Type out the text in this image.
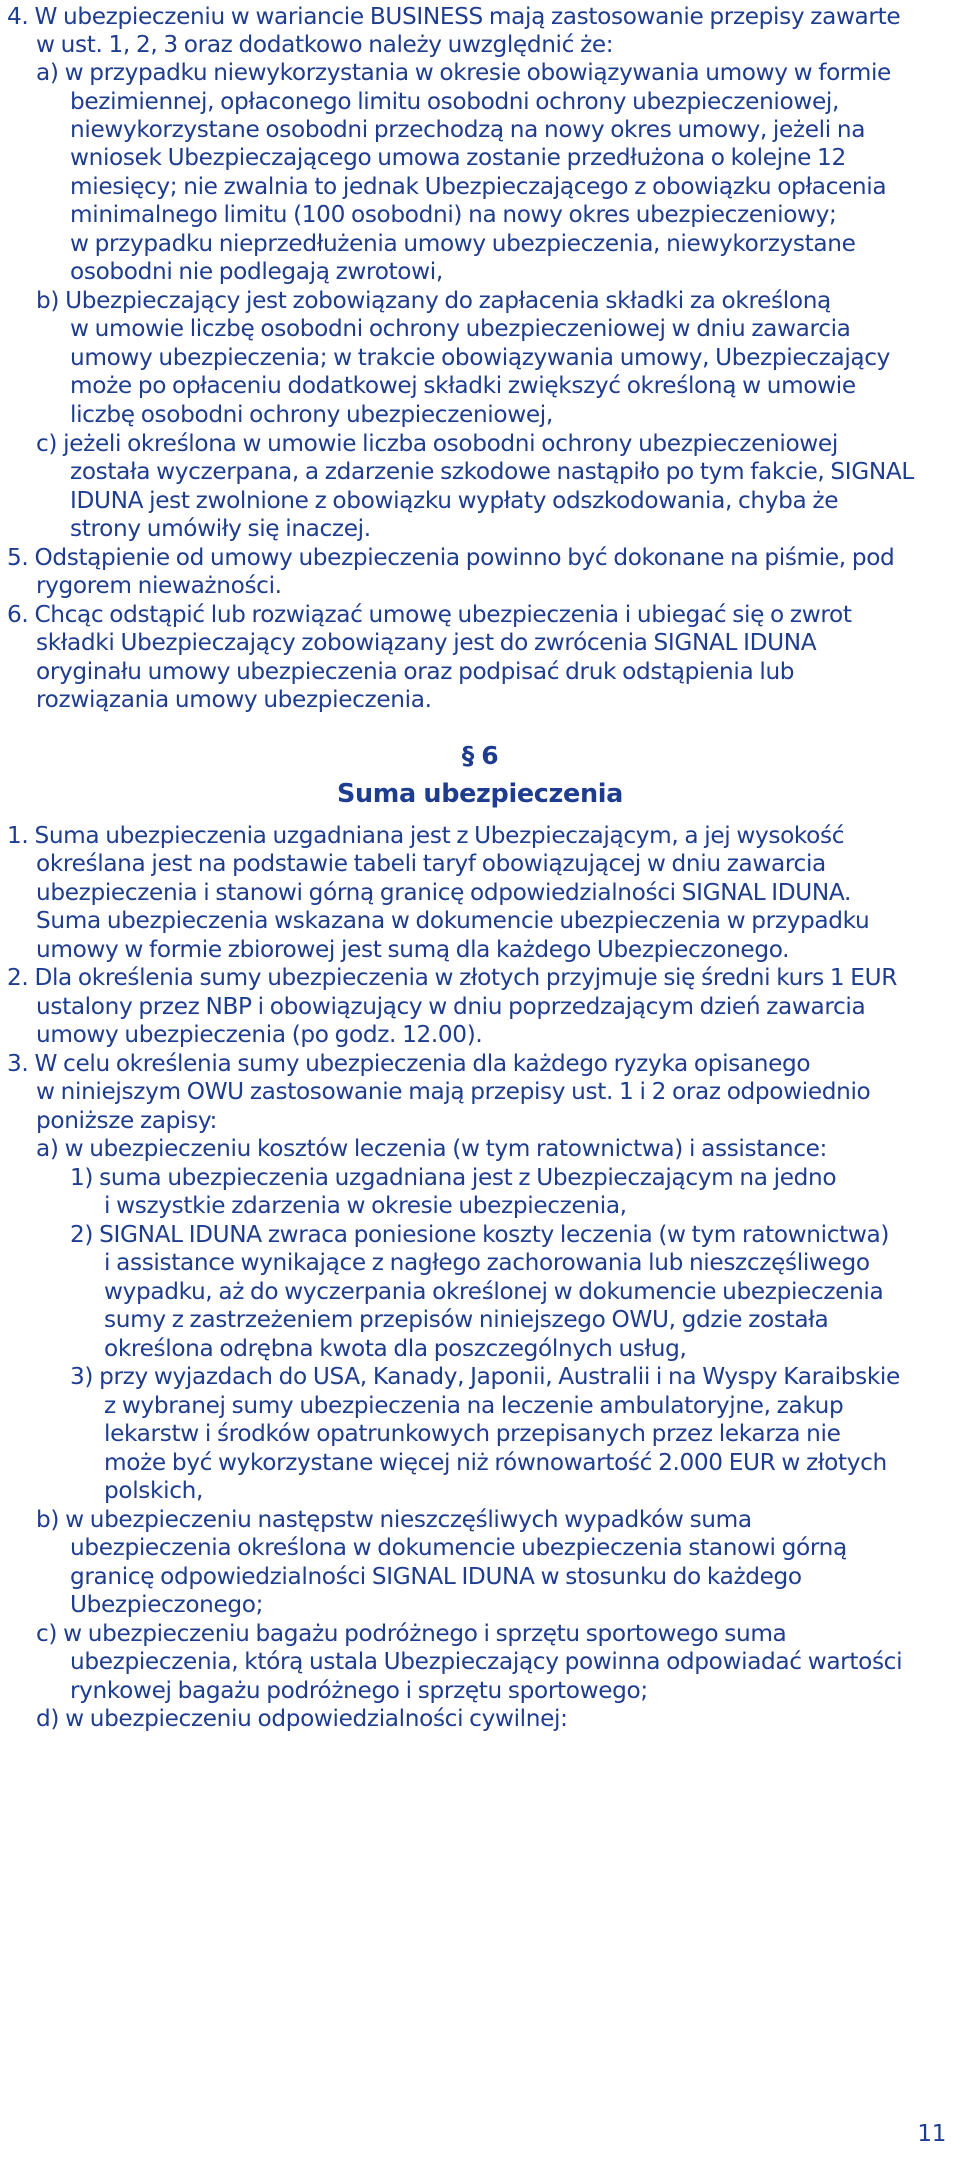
4. W ubezpieczeniu w wariancie BUSINESS mają zastosowanie przepisy zawarte
w ust. 1, 2, 3 oraz dodatkowo należy uwzględnić że:
a) w przypadku niewykorzystania w okresie obowiązywania umowy w formie
bezimiennej, opłaconego limitu osobodni ochrony ubezpieczeniowej,
niewykorzystane osobodni przechodzą na nowy okres umowy, jeżeli na
wniosek Ubezpieczającego umowa zostanie przedłużona o kolejne 12
miesięcy; nie zwalnia to jednak Ubezpieczającego z obowiązku opłacenia
minimalnego limitu (100 osobodni) na nowy okres ubezpieczeniowy;
w przypadku nieprzedłużenia umowy ubezpieczenia, niewykorzystane
osobodni nie podlegają zwrotowi,
b) Ubezpieczający jest zobowiązany do zapłacenia składki za określoną
w umowie liczbę osobodni ochrony ubezpieczeniowej w dniu zawarcia
umowy ubezpieczenia; w trakcie obowiązywania umowy, Ubezpieczający
może po opłaceniu dodatkowej składki zwiększyć określoną w umowie
liczbę osobodni ochrony ubezpieczeniowej,
c) jeżeli określona w umowie liczba osobodni ochrony ubezpieczeniowej
została wyczerpana, a zdarzenie szkodowe nastąpiło po tym fakcie, SIGNAL
IDUNA jest zwolnione z obowiązku wypłaty odszkodowania, chyba że
strony umówiły się inaczej.
5. Odstąpienie od umowy ubezpieczenia powinno być dokonane na piśmie, pod
rygorem nieważności.
6. Chcąc odstąpić lub rozwiązać umowę ubezpieczenia i ubiegać się o zwrot
składki Ubezpieczający zobowiązany jest do zwrócenia SIGNAL IDUNA
oryginału umowy ubezpieczenia oraz podpisać druk odstąpienia lub
rozwiązania umowy ubezpieczenia.
§ 6
Suma ubezpieczenia
1. Suma ubezpieczenia uzgadniana jest z Ubezpieczającym, a jej wysokość
określana jest na podstawie tabeli taryf obowiązującej w dniu zawarcia
ubezpieczenia i stanowi górną granicę odpowiedzialności SIGNAL IDUNA.
Suma ubezpieczenia wskazana w dokumencie ubezpieczenia w przypadku
umowy w formie zbiorowej jest sumą dla każdego Ubezpieczonego.
2. Dla określenia sumy ubezpieczenia w złotych przyjmuje się średni kurs 1 EUR
ustalony przez NBP i obowiązujący w dniu poprzedzającym dzień zawarcia
umowy ubezpieczenia (po godz. 12.00).
3. W celu określenia sumy ubezpieczenia dla każdego ryzyka opisanego
w niniejszym OWU zastosowanie mają przepisy ust. 1 i 2 oraz odpowiednio
poniższe zapisy:
a) w ubezpieczeniu kosztów leczenia (w tym ratownictwa) i assistance:
1) suma ubezpieczenia uzgadniana jest z Ubezpieczającym na jedno
i wszystkie zdarzenia w okresie ubezpieczenia,
2) SIGNAL IDUNA zwraca poniesione koszty leczenia (w tym ratownictwa)
i assistance wynikające z nagłego zachorowania lub nieszczęśliwego
wypadku, aż do wyczerpania określonej w dokumencie ubezpieczenia
sumy z zastrzeżeniem przepisów niniejszego OWU, gdzie została
określona odrębna kwota dla poszczególnych usług,
3) przy wyjazdach do USA, Kanady, Japonii, Australii i na Wyspy Karaibskie
z wybranej sumy ubezpieczenia na leczenie ambulatoryjne, zakup
lekarstw i środków opatrunkowych przepisanych przez lekarza nie
może być wykorzystane więcej niż równowartość 2.000 EUR w złotych
polskich,
b) w ubezpieczeniu następstw nieszczęśliwych wypadków suma
ubezpieczenia określona w dokumencie ubezpieczenia stanowi górną
granicę odpowiedzialności SIGNAL IDUNA w stosunku do każdego
Ubezpieczonego;
c) w ubezpieczeniu bagażu podróżnego i sprzętu sportowego suma
ubezpieczenia, którą ustala Ubezpieczający powinna odpowiadać wartości
rynkowej bagażu podróżnego i sprzętu sportowego;
d) w ubezpieczeniu odpowiedzialności cywilnej:
11
